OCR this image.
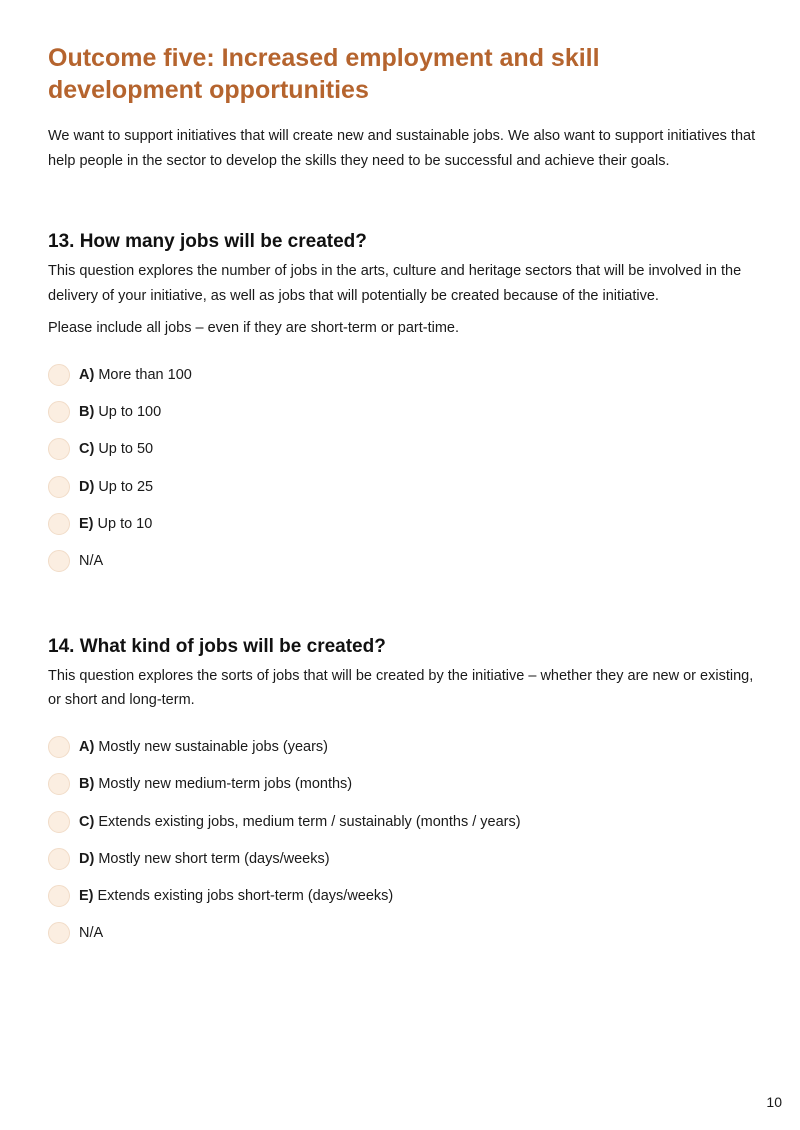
Outcome five: Increased employment and skill development opportunities

We want to support initiatives that will create new and sustainable jobs. We also want to support initiatives that help people in the sector to develop the skills they need to be successful and achieve their goals.

13. How many jobs will be created?

This question explores the number of jobs in the arts, culture and heritage sectors that will be involved in the delivery of your initiative, as well as jobs that will potentially be created because of the initiative.

Please include all jobs – even if they are short-term or part-time.

A) More than 100
B) Up to 100
C) Up to 50
D) Up to 25
E) Up to 10
N/A
14. What kind of jobs will be created?

This question explores the sorts of jobs that will be created by the initiative – whether they are new or existing, or short and long-term.

A) Mostly new sustainable jobs (years)
B) Mostly new medium-term jobs (months)
C) Extends existing jobs, medium term / sustainably (months / years)
D) Mostly new short term (days/weeks)
E) Extends existing jobs short-term (days/weeks)
N/A
10
